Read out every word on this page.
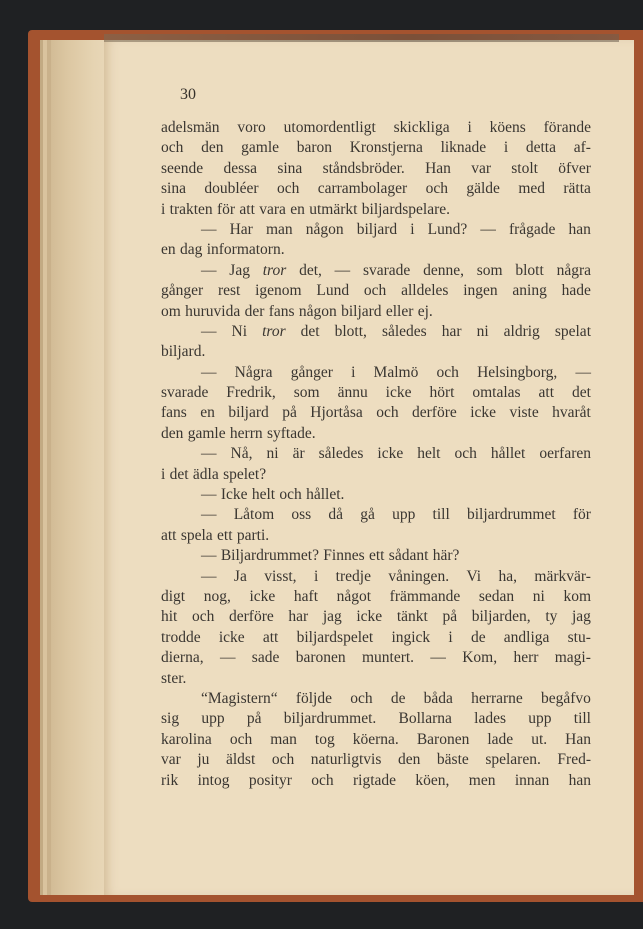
30
adelsmän voro utomordentligt skickliga i köens förande
och den gamle baron Kronstjerna liknade i detta af-
seende dessa sina ståndsbröder. Han var stolt öfver
sina doubléer och carrambolager och gälde med rätta
i trakten för att vara en utmärkt biljardspelare.
— Har man någon biljard i Lund? — frågade han
en dag informatorn.
— Jag tror det, — svarade denne, som blott några
gånger rest igenom Lund och alldeles ingen aning hade
om huruvida der fans någon biljard eller ej.
— Ni tror det blott, således har ni aldrig spelat
biljard.
— Några gånger i Malmö och Helsingborg, —
svarade Fredrik, som ännu icke hört omtalas att det
fans en biljard på Hjortåsa och derföre icke viste hvaråt
den gamle herrn syftade.
— Nå, ni är således icke helt och hållet oerfaren
i det ädla spelet?
— Icke helt och hållet.
— Låtom oss då gå upp till biljardrummet för
att spela ett parti.
— Biljardrummet? Finnes ett sådant här?
— Ja visst, i tredje våningen. Vi ha, märkvär-
digt nog, icke haft något främmande sedan ni kom
hit och derföre har jag icke tänkt på biljarden, ty jag
trodde icke att biljardspelet ingick i de andliga stu-
dierna, — sade baronen muntert. — Kom, herr magi-
ster.
“Magistern“ följde och de båda herrarne begåfvo
sig upp på biljardrummet. Bollarna lades upp till
karolina och man tog köerna. Baronen lade ut. Han
var ju äldst och naturligtvis den bäste spelaren. Fred-
rik intog posityr och rigtade köen, men innan han
